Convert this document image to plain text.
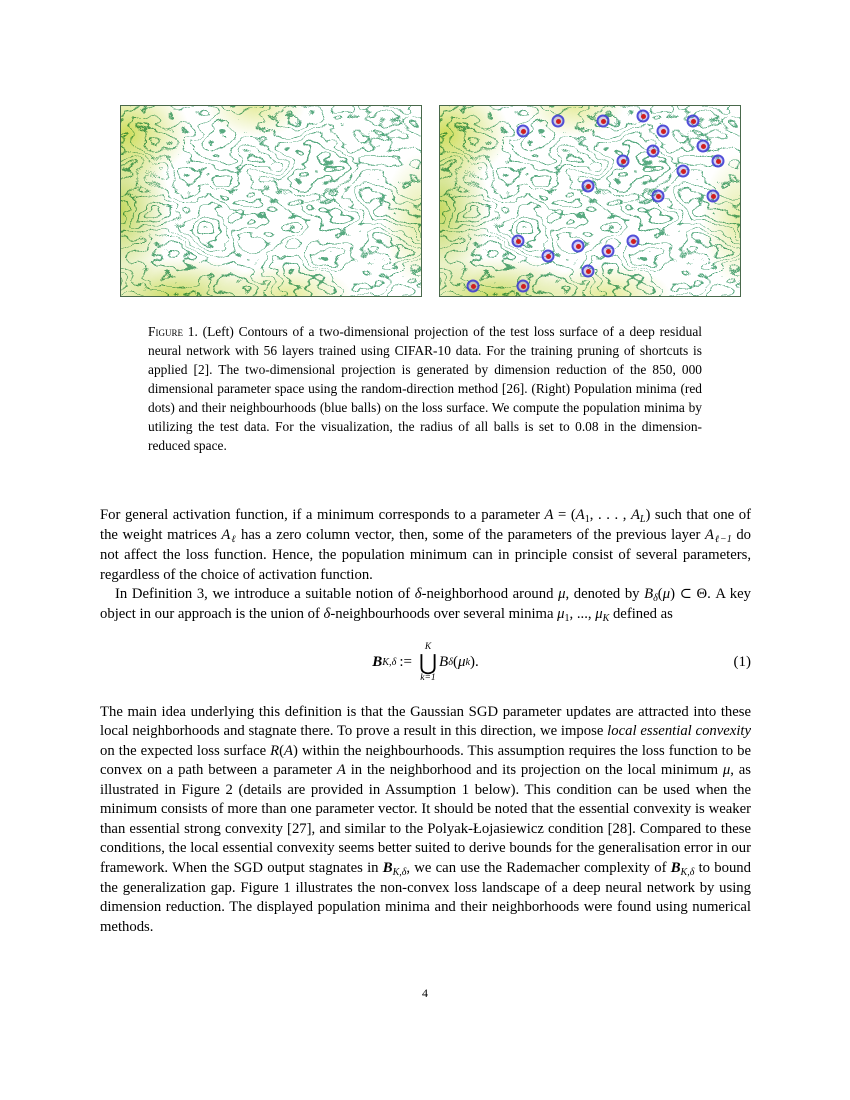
Figure 1. (Left) Contours of a two-dimensional projection of the test loss surface of a deep residual neural network with 56 layers trained using CIFAR-10 data. For the training pruning of shortcuts is applied [2]. The two-dimensional projection is generated by dimension reduction of the 850, 000 dimensional parameter space using the random-direction method [26]. (Right) Population minima (red dots) and their neighbourhoods (blue balls) on the loss surface. We compute the population minima by utilizing the test data. For the visualization, the radius of all balls is set to 0.08 in the dimension-reduced space.

For general activation function, if a minimum corresponds to a parameter $A = (A_1$, . . . , $A_L$) such that one of the weight matrices $A_\ell$ has a zero column vector, then, some of the parameters of the previous layer $A_{\ell-1}$ do not affect the loss function. Hence, the population minimum can in principle consist of several parameters, regardless of the choice of activation function.

In Definition 3, we introduce a suitable notion of δ-neighborhood around μ, denoted by $B_\delta(\mu)$ ⊂ Θ. A key object in our approach is the union of δ-neighbourhoods over several minima $\mu_1$, ..., $\mu_K$ defined as

B K,δ :=
K
⋃
k=1
B δ ( μ k ).	(1)

The main idea underlying this definition is that the Gaussian SGD parameter updates are attracted into these local neighborhoods and stagnate there. To prove a result in this direction, we impose local essential convexity on the expected loss surface R(A) within the neighbourhoods. This assumption requires the loss function to be convex on a path between a parameter A in the neighborhood and its projection on the local minimum μ, as illustrated in Figure 2 (details are provided in Assumption 1 below). This condition can be used when the minimum consists of more than one parameter vector. It should be noted that the essential convexity is weaker than essential strong convexity [27], and similar to the Polyak-Łojasiewicz condition [28]. Compared to these conditions, the local essential convexity seems better suited to derive bounds for the generalisation error in our framework. When the SGD output stagnates in $B_{K,\delta}$, we can use the Rademacher complexity of $B_{K,\delta}$ to bound the generalization gap. Figure 1 illustrates the non-convex loss landscape of a deep neural network by using dimension reduction. The displayed population minima and their neighborhoods were found using numerical methods.

4
